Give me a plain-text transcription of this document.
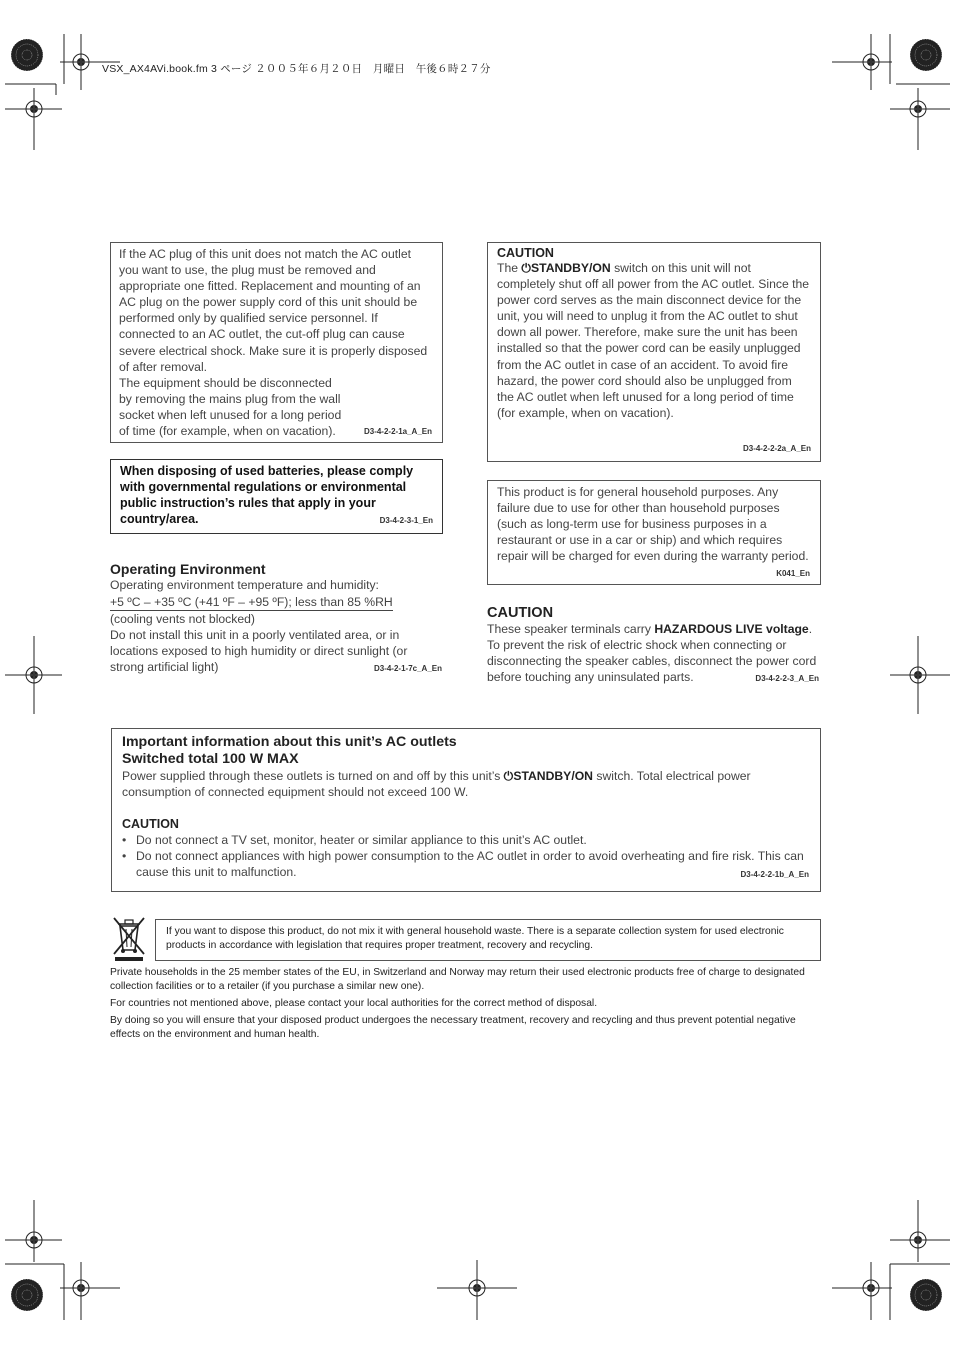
VSX_AX4AVi.book.fm 3 ページ ２００５年６月２０日　月曜日　午後６時２７分

If the AC plug of this unit does not match the AC outlet you want to use, the plug must be removed and appropriate one fitted. Replacement and mounting of an AC plug on the power supply cord of this unit should be performed only by qualified service personnel. If connected to an AC outlet, the cut-off plug can cause severe electrical shock. Make sure it is properly disposed of after removal.

The equipment should be disconnected by removing the mains plug from the wall socket when left unused for a long period of time (for example, when on vacation).	D3-4-2-2-1a_A_En

When disposing of used batteries, please comply with governmental regulations or environmental public instruction’s rules that apply in your country/area.	D3-4-2-3-1_En
Operating Environment

Operating environment temperature and humidity:

+5 ºC – +35 ºC (+41 ºF – +95 ºF); less than 85 %RH

(cooling vents not blocked)

Do not install this unit in a poorly ventilated area, or in locations exposed to high humidity or direct sunlight (or strong artificial light)	D3-4-2-1-7c_A_En
CAUTION

The ⏻STANDBY/ON switch on this unit will not completely shut off all power from the AC outlet. Since the power cord serves as the main disconnect device for the unit, you will need to unplug it from the AC outlet to shut down all power. Therefore, make sure the unit has been installed so that the power cord can be easily unplugged from the AC outlet in case of an accident. To avoid fire hazard, the power cord should also be unplugged from the AC outlet when left unused for a long period of time (for example, when on vacation).

D3-4-2-2-2a_A_En

This product is for general household purposes. Any failure due to use for other than household purposes (such as long-term use for business purposes in a restaurant or use in a car or ship) and which requires repair will be charged for even during the warranty period.

K041_En
CAUTION

These speaker terminals carry HAZARDOUS LIVE voltage. To prevent the risk of electric shock when connecting or disconnecting the speaker cables, disconnect the power cord before touching any uninsulated parts.	D3-4-2-2-3_A_En
Important information about this unit’s AC outlets
Switched total 100 W MAX

Power supplied through these outlets is turned on and off by this unit’s ⏻STANDBY/ON switch. Total electrical power consumption of connected equipment should not exceed 100 W.

CAUTION
• Do not connect a TV set, monitor, heater or similar appliance to this unit’s AC outlet.
• Do not connect appliances with high power consumption to the AC outlet in order to avoid overheating and fire risk. This can cause this unit to malfunction.	D3-4-2-2-1b_A_En

If you want to dispose this product, do not mix it with general household waste. There is a separate collection system for used electronic products in accordance with legislation that requires proper treatment, recovery and recycling.

Private households in the 25 member states of the EU, in Switzerland and Norway may return their used electronic products free of charge to designated collection facilities or to a retailer (if you purchase a similar new one).

For countries not mentioned above, please contact your local authorities for the correct method of disposal.

By doing so you will ensure that your disposed product undergoes the necessary treatment, recovery and recycling and thus prevent potential negative effects on the environment and human health.
